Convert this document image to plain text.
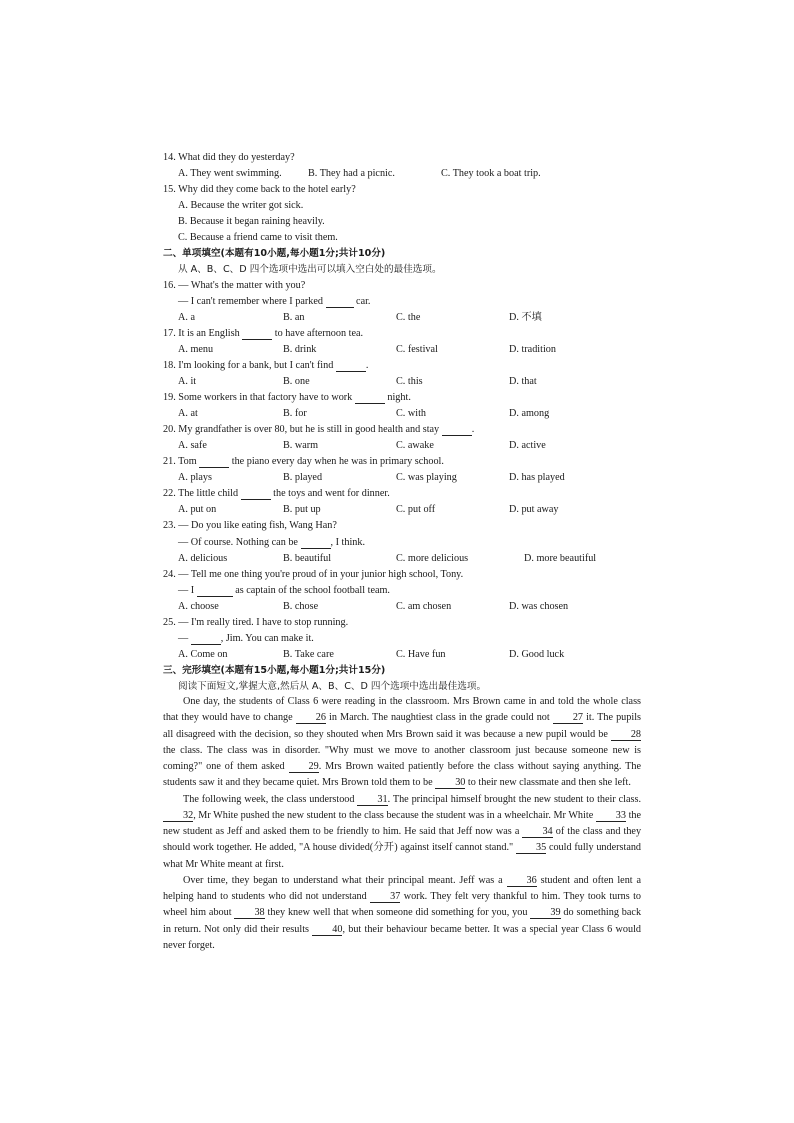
14. What did they do yesterday?
A. They went swimming.	B. They had a picnic.	C. They took a boat trip.
15. Why did they come back to the hotel early?
A. Because the writer got sick.
B. Because it began raining heavily.
C. Because a friend came to visit them.
二、单项填空(本题有10小题,每小题1分;共计10分)
从 A、B、C、D 四个选项中选出可以填入空白处的最佳选项。
16. — What's the matter with you?
— I can't remember where I parked	car.
A. a	B. an	C. the	D. 不填
17. It is an English	to have afternoon tea.
A. menu	B. drink	C. festival	D. tradition
18. I'm looking for a bank, but I can't find	.
A. it	B. one	C. this	D. that
19. Some workers in that factory have to work	night.
A. at	B. for	C. with	D. among
20. My grandfather is over 80, but he is still in good health and stay	.
A. safe	B. warm	C. awake	D. active
21. Tom	the piano every day when he was in primary school.
A. plays	B. played	C. was playing	D. has played
22. The little child	the toys and went for dinner.
A. put on	B. put up	C. put off	D. put away
23. — Do you like eating fish, Wang Han?
— Of course. Nothing can be	, I think.
A. delicious	B. beautiful	C. more delicious	D. more beautiful
24. — Tell me one thing you're proud of in your junior high school, Tony.
— I	as captain of the school football team.
A. choose	B. chose	C. am chosen	D. was chosen
25. — I'm really tired. I have to stop running.
—	, Jim. You can make it.
A. Come on	B. Take care	C. Have fun	D. Good luck
三、完形填空(本题有15小题,每小题1分;共计15分)
阅读下面短文,掌握大意,然后从 A、B、C、D 四个选项中选出最佳选项。

One day, the students of Class 6 were reading in the classroom. Mrs Brown came in and told the whole class that they would have to change 26 in March. The naughtiest class in the grade could not 27 it. The pupils all disagreed with the decision, so they shouted when Mrs Brown said it was because a new pupil would be 28 the class. The class was in disorder. "Why must we move to another classroom just because someone new is coming?" one of them asked 29. Mrs Brown waited patiently before the class without saying anything. The students saw it and they became quiet. Mrs Brown told them to be 30 to their new classmate and then she left.

The following week, the class understood 31. The principal himself brought the new student to their class. 32, Mr White pushed the new student to the class because the student was in a wheelchair. Mr White 33 the new student as Jeff and asked them to be friendly to him. He said that Jeff now was a 34 of the class and they should work together. He added, "A house divided(分开) against itself cannot stand." 35 could fully understand what Mr White meant at first.

Over time, they began to understand what their principal meant. Jeff was a 36 student and often lent a helping hand to students who did not understand 37 work. They felt very thankful to him. They took turns to wheel him about 38 they knew well that when someone did something for you, you 39 do something back in return. Not only did their results 40, but their behaviour became better. It was a special year Class 6 would never forget.
